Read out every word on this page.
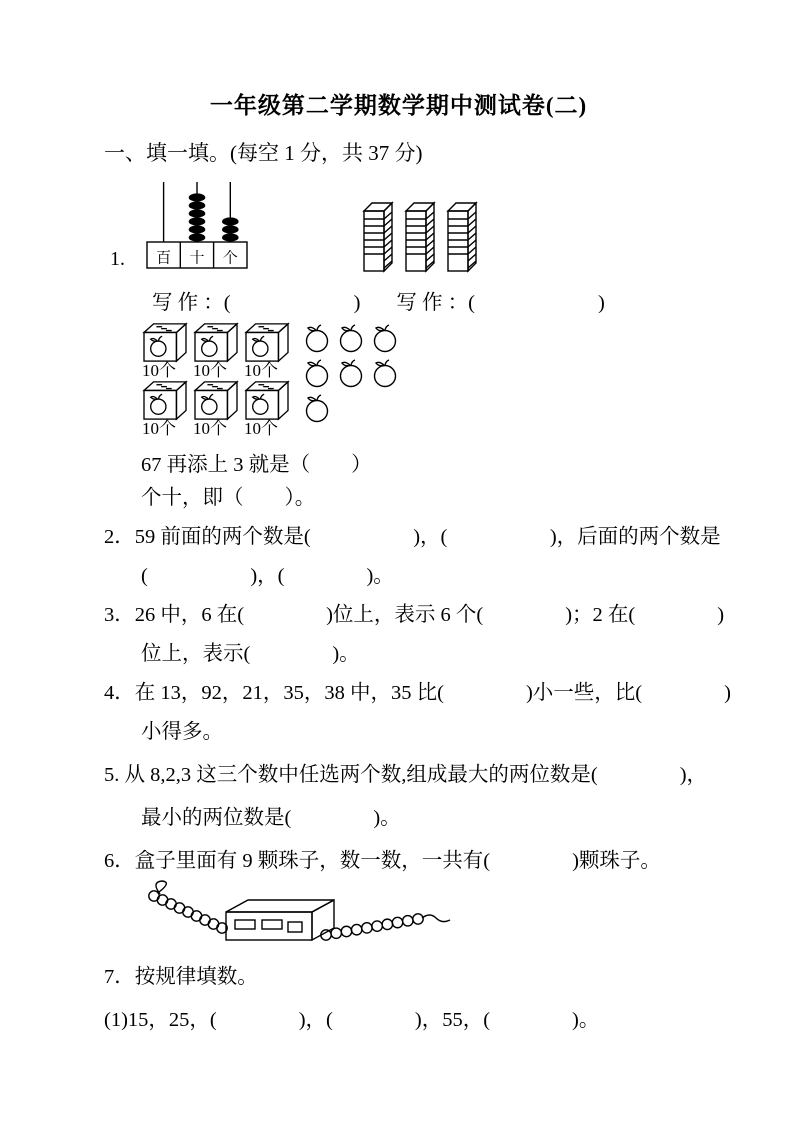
一年级第二学期数学期中测试卷(二)
一、填一填。(每空 1 分，共 37 分)
1. 百 十 个
写 作 ：(　　　　　　) 写 作 ：(　　　　　　)
10个 10个 10个
10个 10个 10个
67 再添上 3 就是（　　）
个十，即（　　）。
2．59 前面的两个数是(　　　　　)，(　　　　　)，后面的两个数是
(　　　　　)，(　　　　)。
3．26 中，6 在(　　　　)位上，表示 6 个(　　　　)；2 在(　　　　)
位上，表示(　　　　)。
4．在 13，92，21，35，38 中，35 比(　　　　)小一些，比(　　　　)
小得多。
5. 从 8,2,3 这三个数中任选两个数,组成最大的两位数是(　　　　)，
最小的两位数是(　　　　)。
6．盒子里面有 9 颗珠子，数一数，一共有(　　　　)颗珠子。
7．按规律填数。
(1)15，25，(　　　　)，(　　　　)，55，(　　　　)。
